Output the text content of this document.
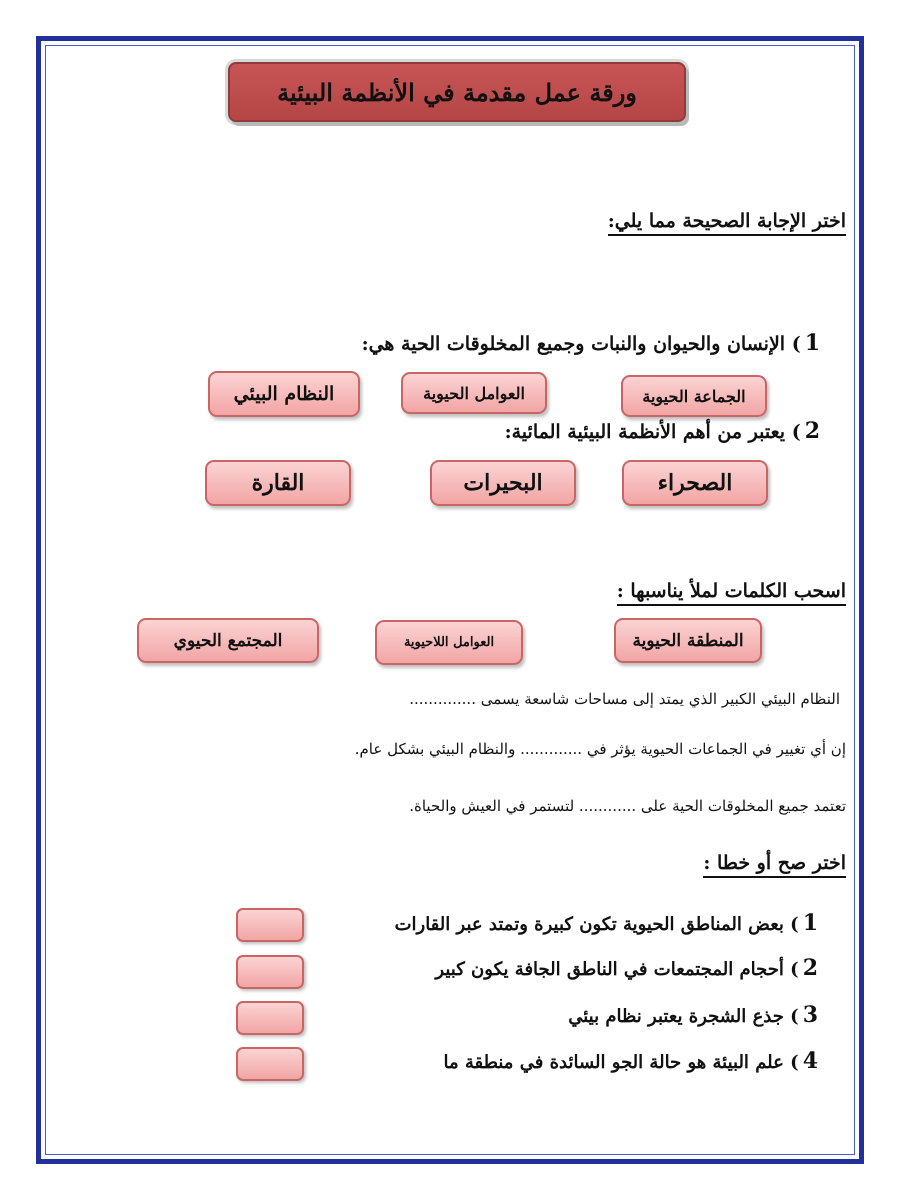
ورقة عمل مقدمة في الأنظمة البيئية
اختر الإجابة الصحيحة مما يلي:
1) الإنسان والحيوان والنبات وجميع المخلوقات الحية هي:
الجماعة الحيوية
العوامل الحيوية
النظام البيئي
2) يعتبر من أهم الأنظمة البيئية المائية:
الصحراء
البحيرات
القارة
اسحب الكلمات لملأ يناسبها :
المنطقة الحيوية
العوامل اللاحيوية
المجتمع الحيوي
النظام البيئي الكبير الذي يمتد إلى مساحات شاسعة يسمى ..............
إن أي تغيير في الجماعات الحيوية يؤثر في ............. والنظام البيئي بشكل عام.
تعتمد جميع المخلوقات الحية على ............ لتستمر في العيش والحياة.
اختر صح أو خطا :
1) بعض المناطق الحيوية تكون كبيرة وتمتد عبر القارات
2) أحجام المجتمعات في الناطق الجافة يكون كبير
3) جذع الشجرة يعتبر نظام بيئي
4) علم البيئة هو حالة الجو السائدة في منطقة ما
